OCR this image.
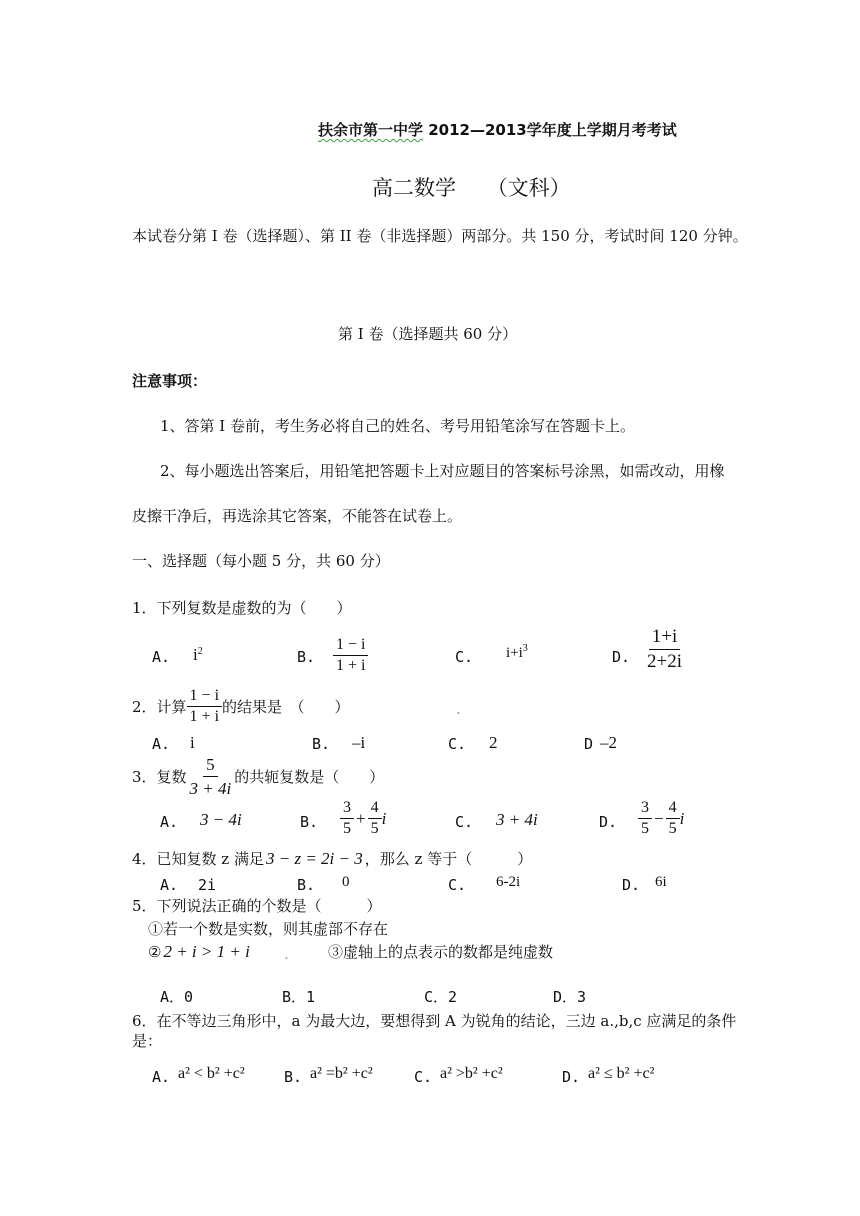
扶余市第一中学 2012—2013学年度上学期月考考试
高二数学 （文科）
本试卷分第 I 卷（选择题）、第 II 卷（非选择题）两部分。共 150 分，考试时间 120 分钟。
第 I 卷（选择题共 60 分）
注意事项：
1、答第 I 卷前，考生务必将自己的姓名、考号用铅笔涂写在答题卡上。
2、每小题选出答案后，用铅笔把答题卡上对应题目的答案标号涂黑，如需改动，用橡
皮擦干净后，再选涂其它答案，不能答在试卷上。
一、选择题（每小题 5 分，共 60 分）
1．下列复数是虚数的为（　　）
A. $i^2$	B. $\frac{1 - i}{1 + i}$	C. $i+i^3$	D. $\frac{1+i}{2+2i}$
2．计算 $\frac{1 - i}{1 + i}$ 的结果是　（　　）	.
A. i	B. –i	C. 2	D –2
3．复数 $\frac{5}{3 + 4i}$ 的共轭复数是（　　）
A. 3 − 4i	B. $\frac{3}{5} + \frac{4}{5}$ i	C. 3 + 4i	D. $\frac{3}{5} - \frac{4}{5}$ i
4．已知复数 z 满足 3 − z = 2i − 3 ，那么 z 等于（　　　）
A. 2i	B. 0	C. 6-2i	D. 6i
5．下列说法正确的个数是（　　　）
①若一个数是实数，则其虚部不存在
② 2 + i > 1 + i .	③虚轴上的点表示的数都是纯虚数
A．0	B．1	C．2	D．3
6．在不等边三角形中，a 为最大边，要想得到 A 为锐角的结论，三边 a.,b,c 应满足的条件
是：
A. a² < b² +c²	B. a² =b² +c²	C. a² >b² +c²	D. a² ≤ b² +c²
